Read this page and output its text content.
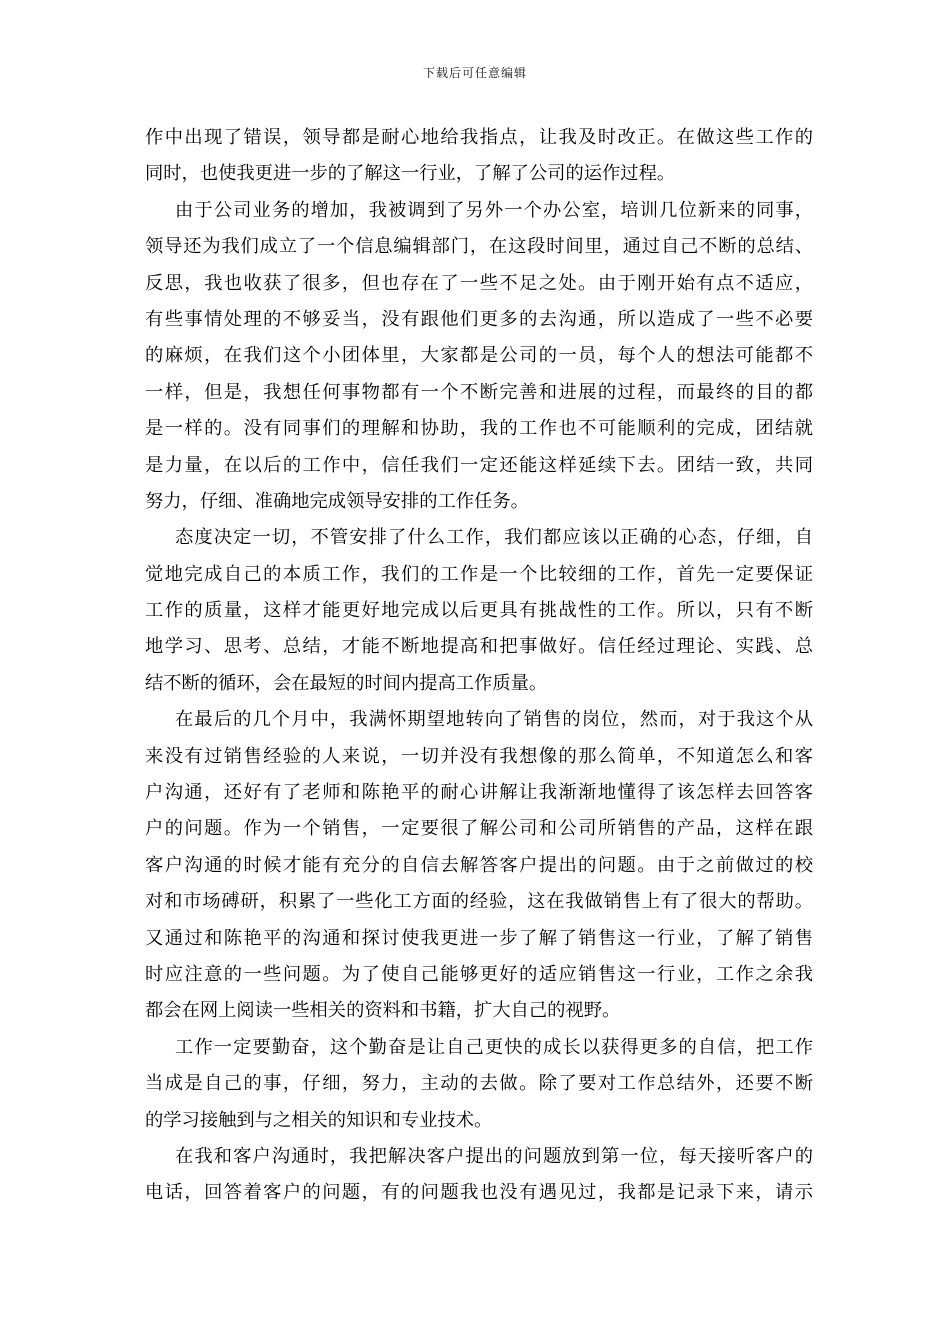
下载后可任意编辑
作中出现了错误，领导都是耐心地给我指点，让我及时改正。在做这些工作的
同时，也使我更进一步的了解这一行业，了解了公司的运作过程。
由于公司业务的增加，我被调到了另外一个办公室，培训几位新来的同事，
领导还为我们成立了一个信息编辑部门，在这段时间里，通过自己不断的总结、
反思，我也收获了很多，但也存在了一些不足之处。由于刚开始有点不适应，
有些事情处理的不够妥当，没有跟他们更多的去沟通，所以造成了一些不必要
的麻烦，在我们这个小团体里，大家都是公司的一员，每个人的想法可能都不
一样，但是，我想任何事物都有一个不断完善和进展的过程，而最终的目的都
是一样的。没有同事们的理解和协助，我的工作也不可能顺利的完成，团结就
是力量，在以后的工作中，信任我们一定还能这样延续下去。团结一致，共同
努力，仔细、准确地完成领导安排的工作任务。
态度决定一切，不管安排了什么工作，我们都应该以正确的心态，仔细，自
觉地完成自己的本质工作，我们的工作是一个比较细的工作，首先一定要保证
工作的质量，这样才能更好地完成以后更具有挑战性的工作。所以，只有不断
地学习、思考、总结，才能不断地提高和把事做好。信任经过理论、实践、总
结不断的循环，会在最短的时间内提高工作质量。
在最后的几个月中，我满怀期望地转向了销售的岗位，然而，对于我这个从
来没有过销售经验的人来说，一切并没有我想像的那么简单，不知道怎么和客
户沟通，还好有了老师和陈艳平的耐心讲解让我渐渐地懂得了该怎样去回答客
户的问题。作为一个销售，一定要很了解公司和公司所销售的产品，这样在跟
客户沟通的时候才能有充分的自信去解答客户提出的问题。由于之前做过的校
对和市场磗研，积累了一些化工方面的经验，这在我做销售上有了很大的帮助。
又通过和陈艳平的沟通和探讨使我更进一步了解了销售这一行业，了解了销售
时应注意的一些问题。为了使自己能够更好的适应销售这一行业，工作之余我
都会在网上阅读一些相关的资料和书籍，扩大自己的视野。
工作一定要勤奋，这个勤奋是让自己更快的成长以获得更多的自信，把工作
当成是自己的事，仔细，努力，主动的去做。除了要对工作总结外，还要不断
的学习接触到与之相关的知识和专业技术。
在我和客户沟通时，我把解决客户提出的问题放到第一位，每天接听客户的
电话，回答着客户的问题，有的问题我也没有遇见过，我都是记录下来，请示
